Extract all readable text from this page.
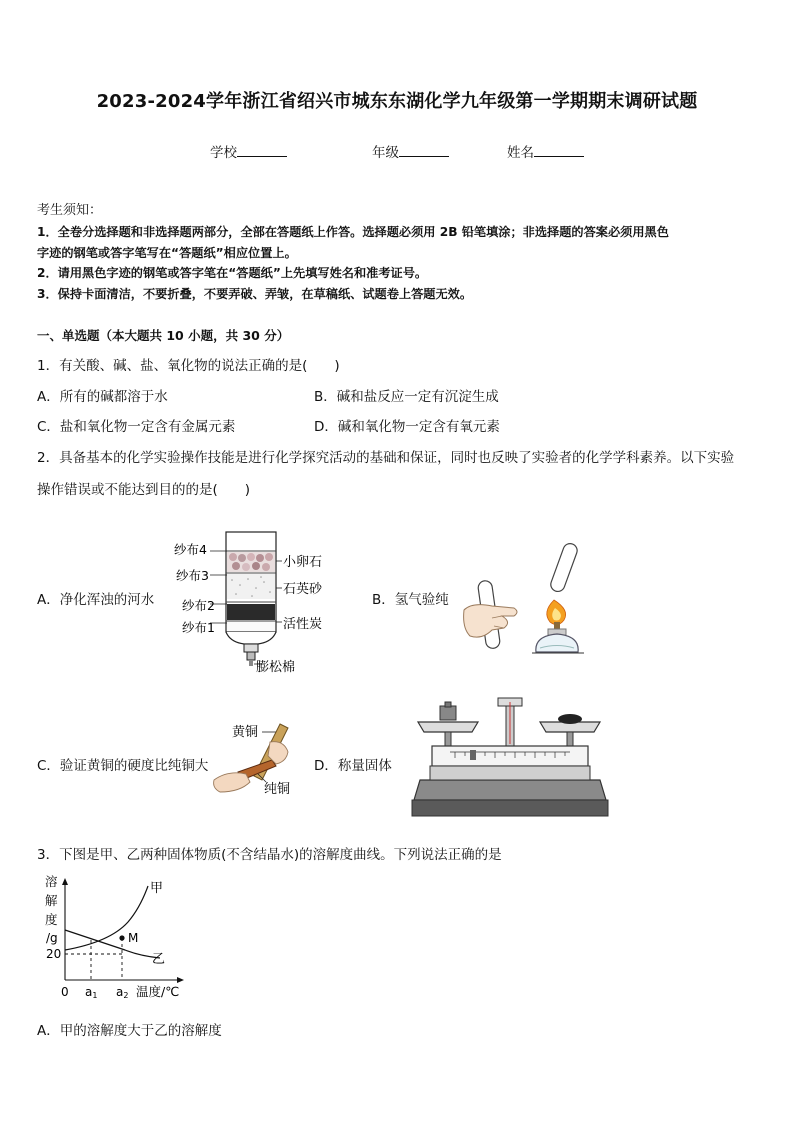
2023-2024学年浙江省绍兴市城东东湖化学九年级第一学期期末调研试题
学校	年级	姓名
考生须知：
1．全卷分选择题和非选择题两部分，全部在答题纸上作答。选择题必须用 2B 铅笔填涂；非选择题的答案必须用黑色
字迹的钢笔或答字笔写在“答题纸”相应位置上。
2．请用黑色字迹的钢笔或答字笔在“答题纸”上先填写姓名和准考证号。
3．保持卡面清洁，不要折叠，不要弄破、弄皱，在草稿纸、试题卷上答题无效。
一、单选题（本大题共 10 小题，共 30 分）
1．有关酸、碱、盐、氧化物的说法正确的是(　　)
A．所有的碱都溶于水	B．碱和盐反应一定有沉淀生成
C．盐和氧化物一定含有金属元素	D．碱和氧化物一定含有氧元素
2．具备基本的化学实验操作技能是进行化学探究活动的基础和保证，同时也反映了实验者的化学学科素养。以下实验
操作错误或不能达到目的的是(　　)
A．净化浑浊的河水	B．氢气验纯
C．验证黄铜的硬度比纯铜大	D．称量固体
纱布4
纱布3
纱布2
纱布1
小卵石
石英砂
活性炭
膨松棉
黄铜
纯铜
3．下图是甲、乙两种固体物质(不含结晶水)的溶解度曲线。下列说法正确的是
溶
解
度
/g
20
0 a1 a2 温度/℃
甲
乙
M
A．甲的溶解度大于乙的溶解度
